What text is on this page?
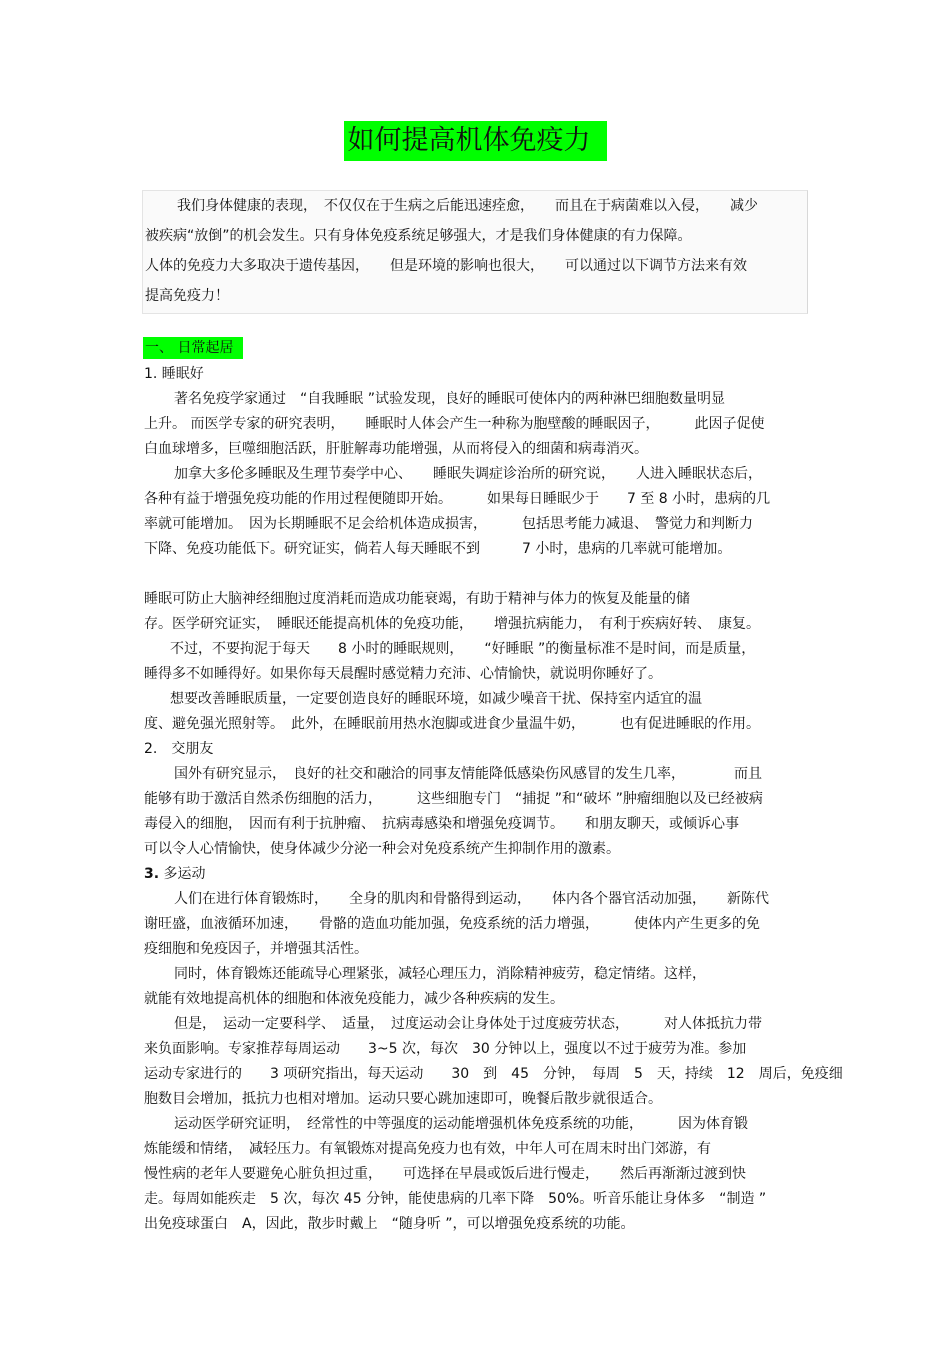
如何提高机体免疫力

我们身体健康的表现，　不仅仅在于生病之后能迅速痊愈，　　而且在于病菌难以入侵，　　减少

被疾病“放倒”的机会发生。只有身体免疫系统足够强大，才是我们身体健康的有力保障。

人体的免疫力大多取决于遗传基因，　　但是环境的影响也很大，　　可以通过以下调节方法来有效

提高免疫力！

一、 日常起居

1. 睡眠好

著名免疫学家通过　“自我睡眠 ”试验发现，良好的睡眠可使体内的两种淋巴细胞数量明显

上升。 而医学专家的研究表明，　　睡眠时人体会产生一种称为胞壁酸的睡眠因子，　　　此因子促使

白血球增多，巨噬细胞活跃，肝脏解毒功能增强，从而将侵入的细菌和病毒消灭。

加拿大多伦多睡眠及生理节奏学中心、　　睡眠失调症诊治所的研究说，　　人进入睡眠状态后，

各种有益于增强免疫功能的作用过程便随即开始。　　　如果每日睡眠少于　　7 至 8 小时，患病的几

率就可能增加。　因为长期睡眠不足会给机体造成损害，　　　包括思考能力减退、　警觉力和判断力

下降、免疫功能低下。研究证实，倘若人每天睡眠不到　　　7 小时，患病的几率就可能增加。

睡眠可防止大脑神经细胞过度消耗而造成功能衰竭，有助于精神与体力的恢复及能量的储

存。医学研究证实，　睡眠还能提高机体的免疫功能，　　增强抗病能力，　有利于疾病好转、　康复。

不过，不要拘泥于每天　　8 小时的睡眠规则，　　“好睡眠 ”的衡量标准不是时间，而是质量，

睡得多不如睡得好。如果你每天晨醒时感觉精力充沛、心情愉快，就说明你睡好了。

想要改善睡眠质量，一定要创造良好的睡眠环境，如减少噪音干扰、保持室内适宜的温

度、避免强光照射等。　此外，在睡眠前用热水泡脚或进食少量温牛奶，　　　也有促进睡眠的作用。

2.　交朋友

国外有研究显示，　良好的社交和融洽的同事友情能降低感染伤风感冒的发生几率，　　　　而且

能够有助于激活自然杀伤细胞的活力，　　　这些细胞专门　“捕捉 ”和“破坏 ”肿瘤细胞以及已经被病

毒侵入的细胞，　因而有利于抗肿瘤、　抗病毒感染和增强免疫调节。　　和朋友聊天，或倾诉心事

可以令人心情愉快，使身体减少分泌一种会对免疫系统产生抑制作用的激素。

3. 多运动

人们在进行体育锻炼时，　　全身的肌肉和骨骼得到运动，　　体内各个器官活动加强，　　新陈代

谢旺盛，血液循环加速，　　骨骼的造血功能加强，免疫系统的活力增强，　　　使体内产生更多的免

疫细胞和免疫因子，并增强其活性。

同时，体育锻炼还能疏导心理紧张，减轻心理压力，消除精神疲劳，稳定情绪。这样，

就能有效地提高机体的细胞和体液免疫能力，减少各种疾病的发生。

但是，　运动一定要科学、　适量，　过度运动会让身体处于过度疲劳状态，　　　对人体抵抗力带

来负面影响。专家推荐每周运动　　3~5 次，每次　30 分钟以上，强度以不过于疲劳为准。参加

运动专家进行的　　3 项研究指出，每天运动　　30　到　45　分钟，　每周　5　天，持续　12　周后，免疫细

胞数目会增加，抵抗力也相对增加。运动只要心跳加速即可，晚餐后散步就很适合。

运动医学研究证明，　经常性的中等强度的运动能增强机体免疫系统的功能，　　　因为体育锻

炼能缓和情绪，　减轻压力。有氧锻炼对提高免疫力也有效，中年人可在周末时出门郊游，有

慢性病的老年人要避免心脏负担过重，　　可选择在早晨或饭后进行慢走，　　然后再渐渐过渡到快

走。每周如能疾走　5 次，每次 45 分钟，能使患病的几率下降　50%。听音乐能让身体多　“制造 ”

出免疫球蛋白　A，因此，散步时戴上　“随身听 ”，可以增强免疫系统的功能。
